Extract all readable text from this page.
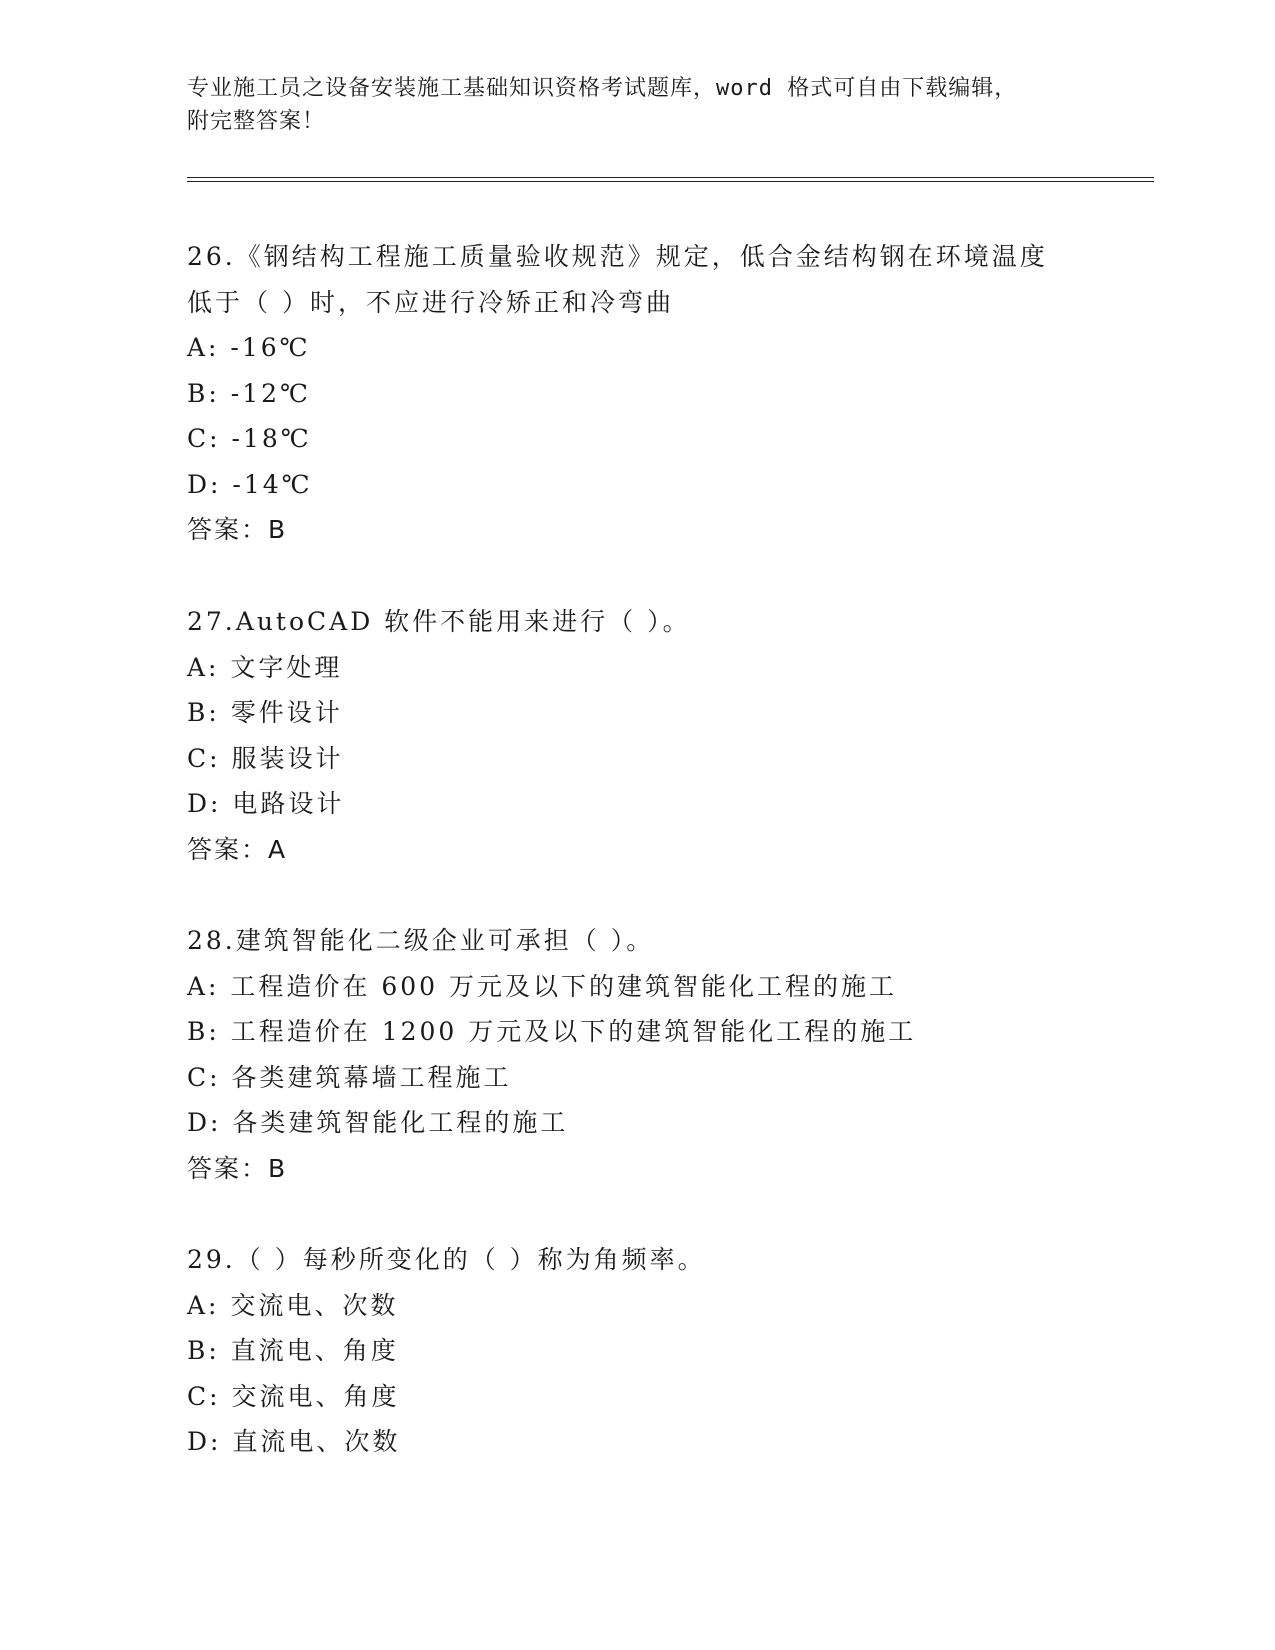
专业施工员之设备安装施工基础知识资格考试题库，word 格式可自由下载编辑，
附完整答案！
26.《钢结构工程施工质量验收规范》规定，低合金结构钢在环境温度
低于（ ）时，不应进行冷矫正和冷弯曲
A: -16℃
B: -12℃
C: -18℃
D: -14℃
答案：B
27.AutoCAD 软件不能用来进行（ ）。
A: 文字处理
B: 零件设计
C: 服装设计
D: 电路设计
答案：A
28.建筑智能化二级企业可承担（ ）。
A: 工程造价在 600 万元及以下的建筑智能化工程的施工
B: 工程造价在 1200 万元及以下的建筑智能化工程的施工
C: 各类建筑幕墙工程施工
D: 各类建筑智能化工程的施工
答案：B
29.（ ）每秒所变化的（ ）称为角频率。
A: 交流电、次数
B: 直流电、角度
C: 交流电、角度
D: 直流电、次数
